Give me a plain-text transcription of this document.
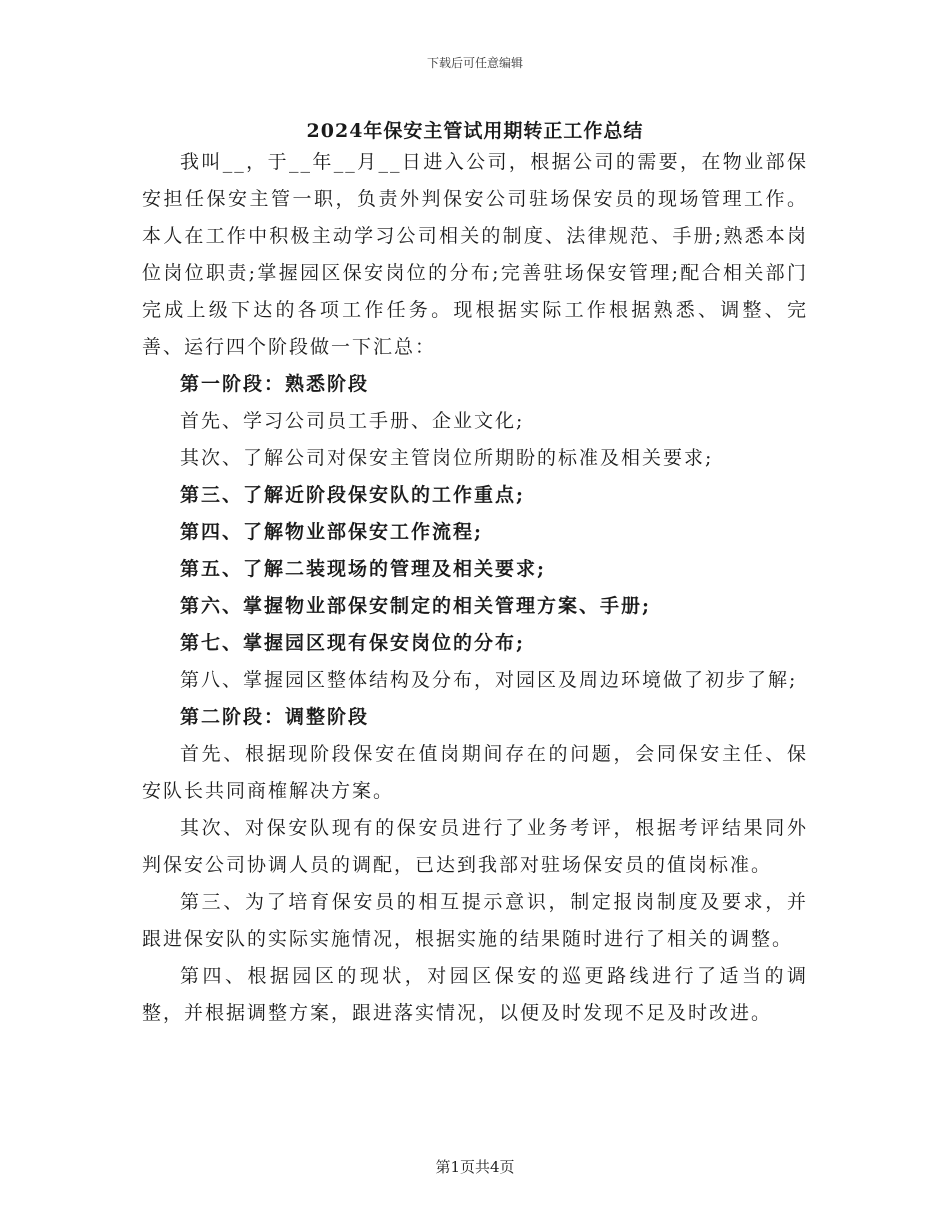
下载后可任意编辑
2024年保安主管试用期转正工作总结

我叫__，于__年__月__日进入公司，根据公司的需要，在物业部保安担任保安主管一职，负责外判保安公司驻场保安员的现场管理工作。本人在工作中积极主动学习公司相关的制度、法律规范、手册;熟悉本岗位岗位职责;掌握园区保安岗位的分布;完善驻场保安管理;配合相关部门完成上级下达的各项工作任务。现根据实际工作根据熟悉、调整、完善、运行四个阶段做一下汇总：

第一阶段：熟悉阶段

首先、学习公司员工手册、企业文化;

其次、了解公司对保安主管岗位所期盼的标准及相关要求;

第三、了解近阶段保安队的工作重点;

第四、了解物业部保安工作流程;

第五、了解二装现场的管理及相关要求;

第六、掌握物业部保安制定的相关管理方案、手册;

第七、掌握园区现有保安岗位的分布;

第八、掌握园区整体结构及分布，对园区及周边环境做了初步了解;

第二阶段：调整阶段

首先、根据现阶段保安在值岗期间存在的问题，会同保安主任、保安队长共同商榷解决方案。

其次、对保安队现有的保安员进行了业务考评，根据考评结果同外判保安公司协调人员的调配，已达到我部对驻场保安员的值岗标准。

第三、为了培育保安员的相互提示意识，制定报岗制度及要求，并跟进保安队的实际实施情况，根据实施的结果随时进行了相关的调整。

第四、根据园区的现状，对园区保安的巡更路线进行了适当的调整，并根据调整方案，跟进落实情况，以便及时发现不足及时改进。

第1页共4页
